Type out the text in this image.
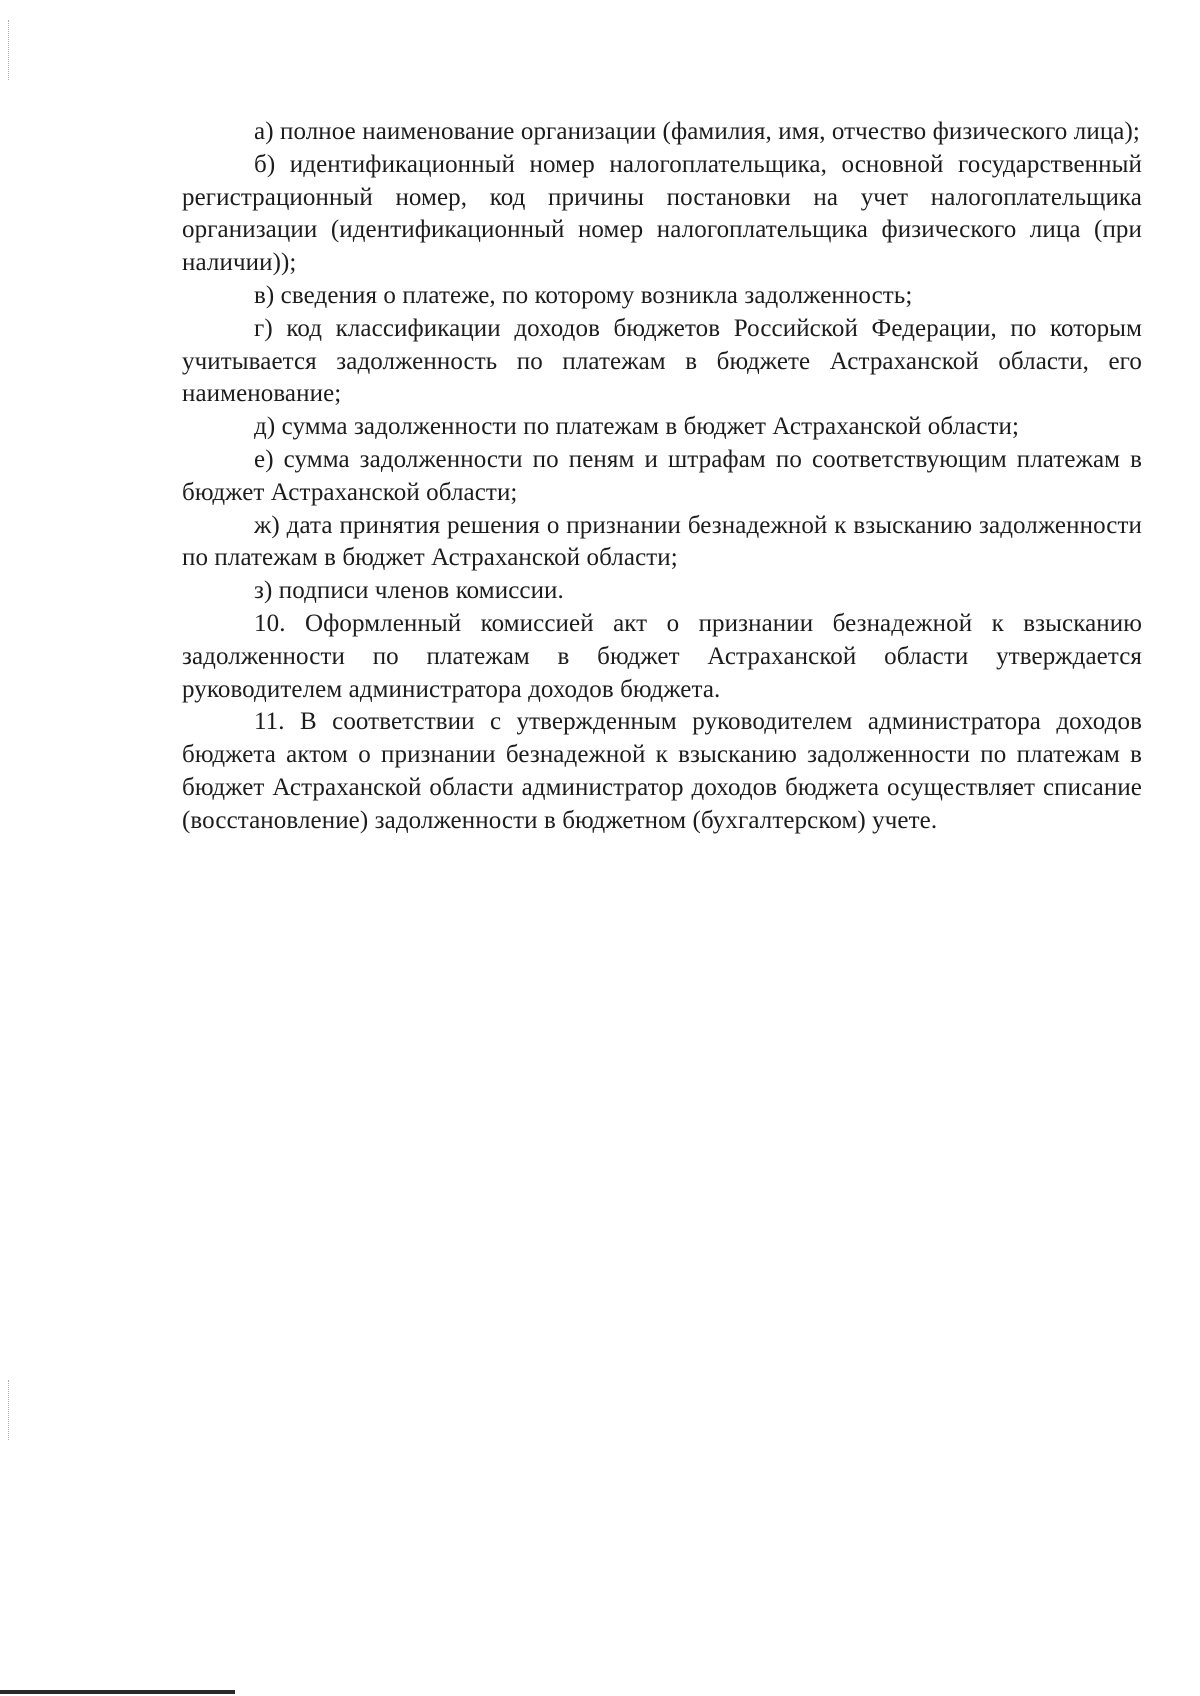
а) полное наименование организации (фамилия, имя, отчество физического лица);

б) идентификационный номер налогоплательщика, основной государственный регистрационный номер, код причины постановки на учет налогоплательщика организации (идентификационный номер налогоплательщика физического лица (при наличии));

в) сведения о платеже, по которому возникла задолженность;

г) код классификации доходов бюджетов Российской Федерации, по которым учитывается задолженность по платежам в бюджете Астраханской области, его наименование;

д) сумма задолженности по платежам в бюджет Астраханской области;

е) сумма задолженности по пеням и штрафам по соответствующим платежам в бюджет Астраханской области;

ж) дата принятия решения о признании безнадежной к взысканию задолженности по платежам в бюджет Астраханской области;

з) подписи членов комиссии.

10. Оформленный комиссией акт о признании безнадежной к взысканию задолженности по платежам в бюджет Астраханской области утверждается руководителем администратора доходов бюджета.

11. В соответствии с утвержденным руководителем администратора доходов бюджета актом о признании безнадежной к взысканию задолженности по платежам в бюджет Астраханской области администратор доходов бюджета осуществляет списание (восстановление) задолженности в бюджетном (бухгалтерском) учете.
